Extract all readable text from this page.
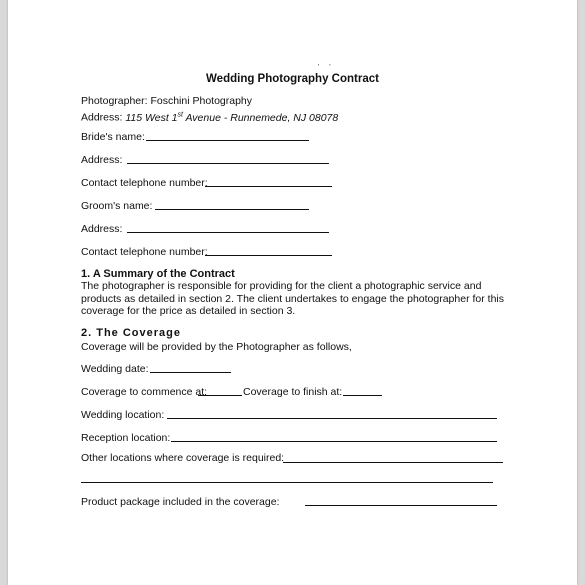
' '
Wedding Photography Contract
Photographer: Foschini Photography
Address: 115 West 1st Avenue - Runnemede, NJ 08078
Bride's name:
Address:
Contact telephone number:
Groom's name:
Address:
Contact telephone number:
1. A Summary of the Contract
The photographer is responsible for providing for the client a photographic service and products as detailed in section 2. The client undertakes to engage the photographer for this coverage for the price as detailed in section 3.
2. The Coverage
Coverage will be provided by the Photographer as follows,
Wedding date:
Coverage to commence at:	Coverage to finish at:
Wedding location:
Reception location:
Other locations where coverage is required:
Product package included in the coverage:
